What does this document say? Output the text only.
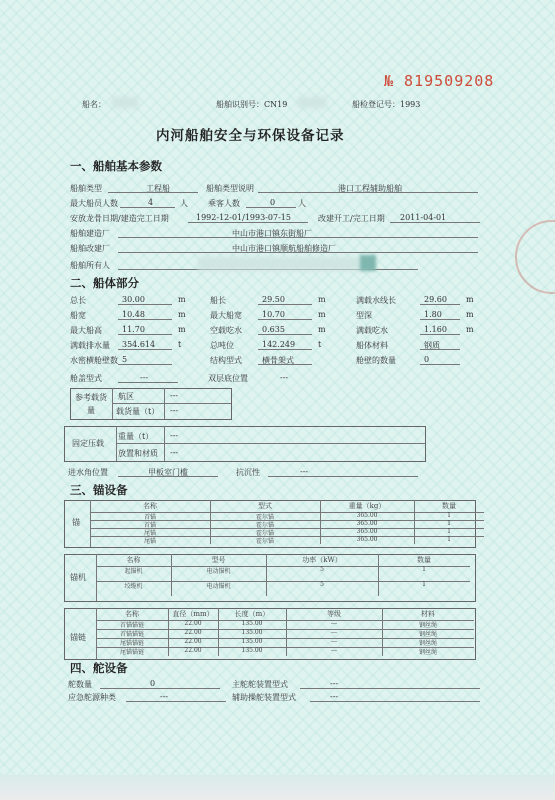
№ 819509208
船名：	船舶识别号：CN19	船检登记号：1993
内河船舶安全与环保设备记录
一、船舶基本参数
船舶类型	工程船	船舶类型说明	港口工程辅助船舶
最大船员人数	4	人	乘客人数	0	人
安放龙骨日期/建造完工日期	1992-12-01/1993-07-15	改建开工/完工日期 2011-04-01
船舶建造厂	中山市港口镇东街船厂
船舶改建厂	中山市港口镇顺航船舶修造厂
船舶所有人
二、船体部分
总长	30.00	m	船长	29.50	m	满载水线长	29.60 m
船宽	10.48	m	最大船宽	10.70	m	型深	1.80	m
最大船高	11.70	m	空载吃水	0.635	m	满载吃水	1.160 m
满载排水量 354.614	t	总吨位	142.249	t	船体材料	钢质
水密横舱壁数 5	结构型式	横骨架式	舱壁的数量	0
舱盖型式	---	双层底位置	---
参考载货量
航区	---
载货量（t） ---
固定压载
重量（t） ---
放置和材质 ---
进水角位置	甲板室门槛	抗沉性	---
三、锚设备
锚
名称	型式	重量（kg）	数量
首锚	霍尔锚	365.00	1
首锚	霍尔锚	365.00	1
尾锚	霍尔锚	365.00	1
尾锚	霍尔锚	365.00	1
锚机
名称	型号	功率（kW）	数量
起锚机	电动锚机	5	1
绞缆机	电动锚机	5	1
锚链
名称	直径（mm）	长度（m）	等级	材料
首锚锚链	22.00	135.00	---	钢丝绳
首锚锚链	22.00	135.00	---	钢丝绳
尾锚锚链	22.00	135.00	---	钢丝绳
尾锚锚链	22.00	135.00	---	钢丝绳
四、舵设备
舵数量	0	主舵舵装置型式	---
应急舵源种类	---	辅助操舵装置型式	---
